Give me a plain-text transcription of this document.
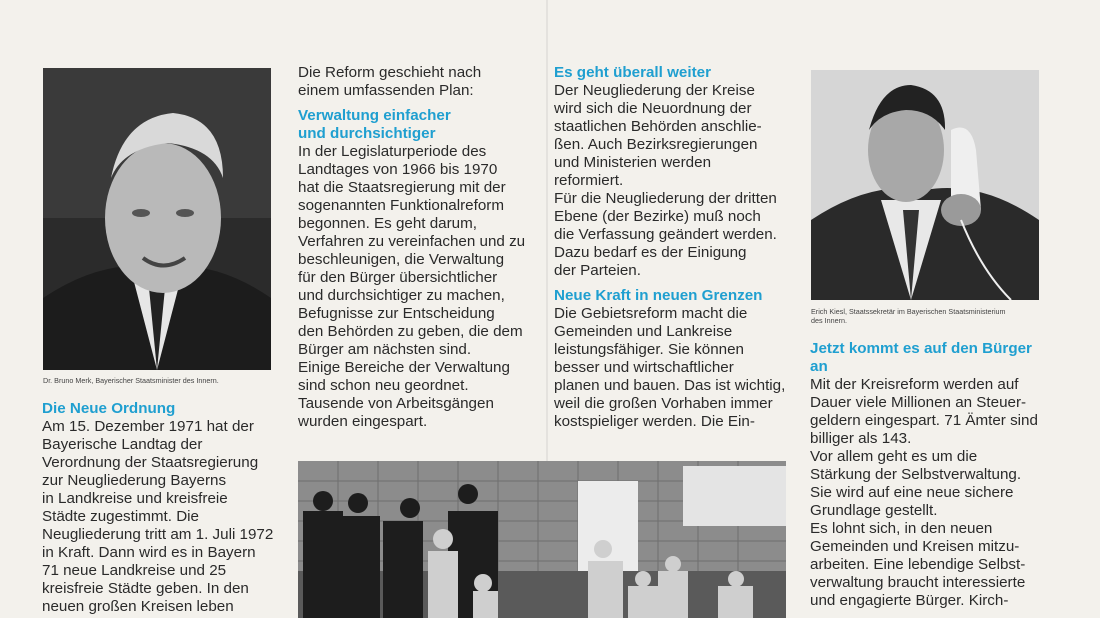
Dr. Bruno Merk, Bayerischer Staatsminister des Innern.
Erich Kiesl, Staatssekretär im Bayerischen Staatsministerium
des Innern.

Die Neue Ordnung

Am 15. Dezember 1971 hat der
Bayerische Landtag der
Verordnung der Staatsregierung
zur Neugliederung Bayerns
in Landkreise und kreisfreie
Städte zugestimmt. Die
Neugliederung tritt am 1. Juli 1972
in Kraft. Dann wird es in Bayern
71 neue Landkreise und 25
kreisfreie Städte geben. In den
neuen großen Kreisen leben

Die Reform geschieht nach
einem umfassenden Plan:

Verwaltung einfacher
und durchsichtiger

In der Legislaturperiode des
Landtages von 1966 bis 1970
hat die Staatsregierung mit der
sogenannten Funktionalreform
begonnen. Es geht darum,
Verfahren zu vereinfachen und zu
beschleunigen, die Verwaltung
für den Bürger übersichtlicher
und durchsichtiger zu machen,
Befugnisse zur Entscheidung
den Behörden zu geben, die dem
Bürger am nächsten sind.
Einige Bereiche der Verwaltung
sind schon neu geordnet.
Tausende von Arbeitsgängen
wurden eingespart.

Es geht überall weiter

Der Neugliederung der Kreise
wird sich die Neuordnung der
staatlichen Behörden anschlie-
ßen. Auch Bezirksregierungen
und Ministerien werden
reformiert.
Für die Neugliederung der dritten
Ebene (der Bezirke) muß noch
die Verfassung geändert werden.
Dazu bedarf es der Einigung
der Parteien.

Neue Kraft in neuen Grenzen

Die Gebietsreform macht die
Gemeinden und Lankreise
leistungsfähiger. Sie können
besser und wirtschaftlicher
planen und bauen. Das ist wichtig,
weil die großen Vorhaben immer
kostspieliger werden. Die Ein-

Jetzt kommt es auf den Bürger
an

Mit der Kreisreform werden auf
Dauer viele Millionen an Steuer-
geldern eingespart. 71 Ämter sind
billiger als 143.
Vor allem geht es um die
Stärkung der Selbstverwaltung.
Sie wird auf eine neue sichere
Grundlage gestellt.
Es lohnt sich, in den neuen
Gemeinden und Kreisen mitzu-
arbeiten. Eine lebendige Selbst-
verwaltung braucht interessierte
und engagierte Bürger. Kirch-
